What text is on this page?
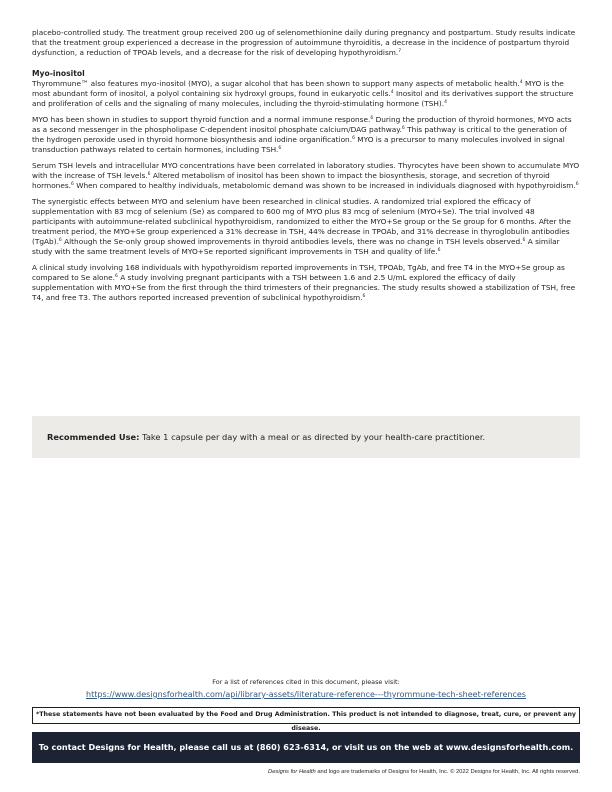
placebo-controlled study. The treatment group received 200 ug of selenomethionine daily during pregnancy and postpartum. Study results indicate that the treatment group experienced a decrease in the progression of autoimmune thyroiditis, a decrease in the incidence of postpartum thyroid dysfunction, a reduction of TPOAb levels, and a decrease for the risk of developing hypothyroidism.$^7$

Myo-inositol

Thyrommune™ also features myo-inositol (MYO), a sugar alcohol that has been shown to support many aspects of metabolic health.$^4$ MYO is the most abundant form of inositol, a polyol containing six hydroxyl groups, found in eukaryotic cells.$^4$ Inositol and its derivatives support the structure and proliferation of cells and the signaling of many molecules, including the thyroid-stimulating hormone (TSH).$^4$

MYO has been shown in studies to support thyroid function and a normal immune response.$^6$ During the production of thyroid hormones, MYO acts as a second messenger in the phospholipase C-dependent inositol phosphate calcium/DAG pathway.$^6$ This pathway is critical to the generation of the hydrogen peroxide used in thyroid hormone biosynthesis and iodine organification.$^6$ MYO is a precursor to many molecules involved in signal transduction pathways related to certain hormones, including TSH.$^6$

Serum TSH levels and intracellular MYO concentrations have been correlated in laboratory studies. Thyrocytes have been shown to accumulate MYO with the increase of TSH levels.$^6$ Altered metabolism of inositol has been shown to impact the biosynthesis, storage, and secretion of thyroid hormones.$^6$ When compared to healthy individuals, metabolomic demand was shown to be increased in individuals diagnosed with hypothyroidism.$^6$

The synergistic effects between MYO and selenium have been researched in clinical studies. A randomized trial explored the efficacy of supplementation with 83 mcg of selenium (Se) as compared to 600 mg of MYO plus 83 mcg of selenium (MYO+Se). The trial involved 48 participants with autoimmune-related subclinical hypothyroidism, randomized to either the MYO+Se group or the Se group for 6 months. After the treatment period, the MYO+Se group experienced a 31% decrease in TSH, 44% decrease in TPOAb, and 31% decrease in thyroglobulin antibodies (TgAb).$^6$ Although the Se-only group showed improvements in thyroid antibodies levels, there was no change in TSH levels observed.$^6$ A similar study with the same treatment levels of MYO+Se reported significant improvements in TSH and quality of life.$^6$

A clinical study involving 168 individuals with hypothyroidism reported improvements in TSH, TPOAb, TgAb, and free T4 in the MYO+Se group as compared to Se alone.$^6$ A study involving pregnant participants with a TSH between 1.6 and 2.5 U/mL explored the efficacy of daily supplementation with MYO+Se from the first through the third trimesters of their pregnancies. The study results showed a stabilization of TSH, free T4, and free T3. The authors reported increased prevention of subclinical hypothyroidism.$^6$

Recommended Use: Take 1 capsule per day with a meal or as directed by your health-care practitioner.
For a list of references cited in this document, please visit:
https://www.designsforhealth.com/api/library-assets/literature-reference---thyrommune-tech-sheet-references
*These statements have not been evaluated by the Food and Drug Administration. This product is not intended to diagnose, treat, cure, or prevent any disease.
To contact Designs for Health, please call us at (860) 623-6314, or visit us on the web at www.designsforhealth.com.
Designs for Health and logo are trademarks of Designs for Health, Inc. © 2022 Designs for Health, Inc. All rights reserved.
